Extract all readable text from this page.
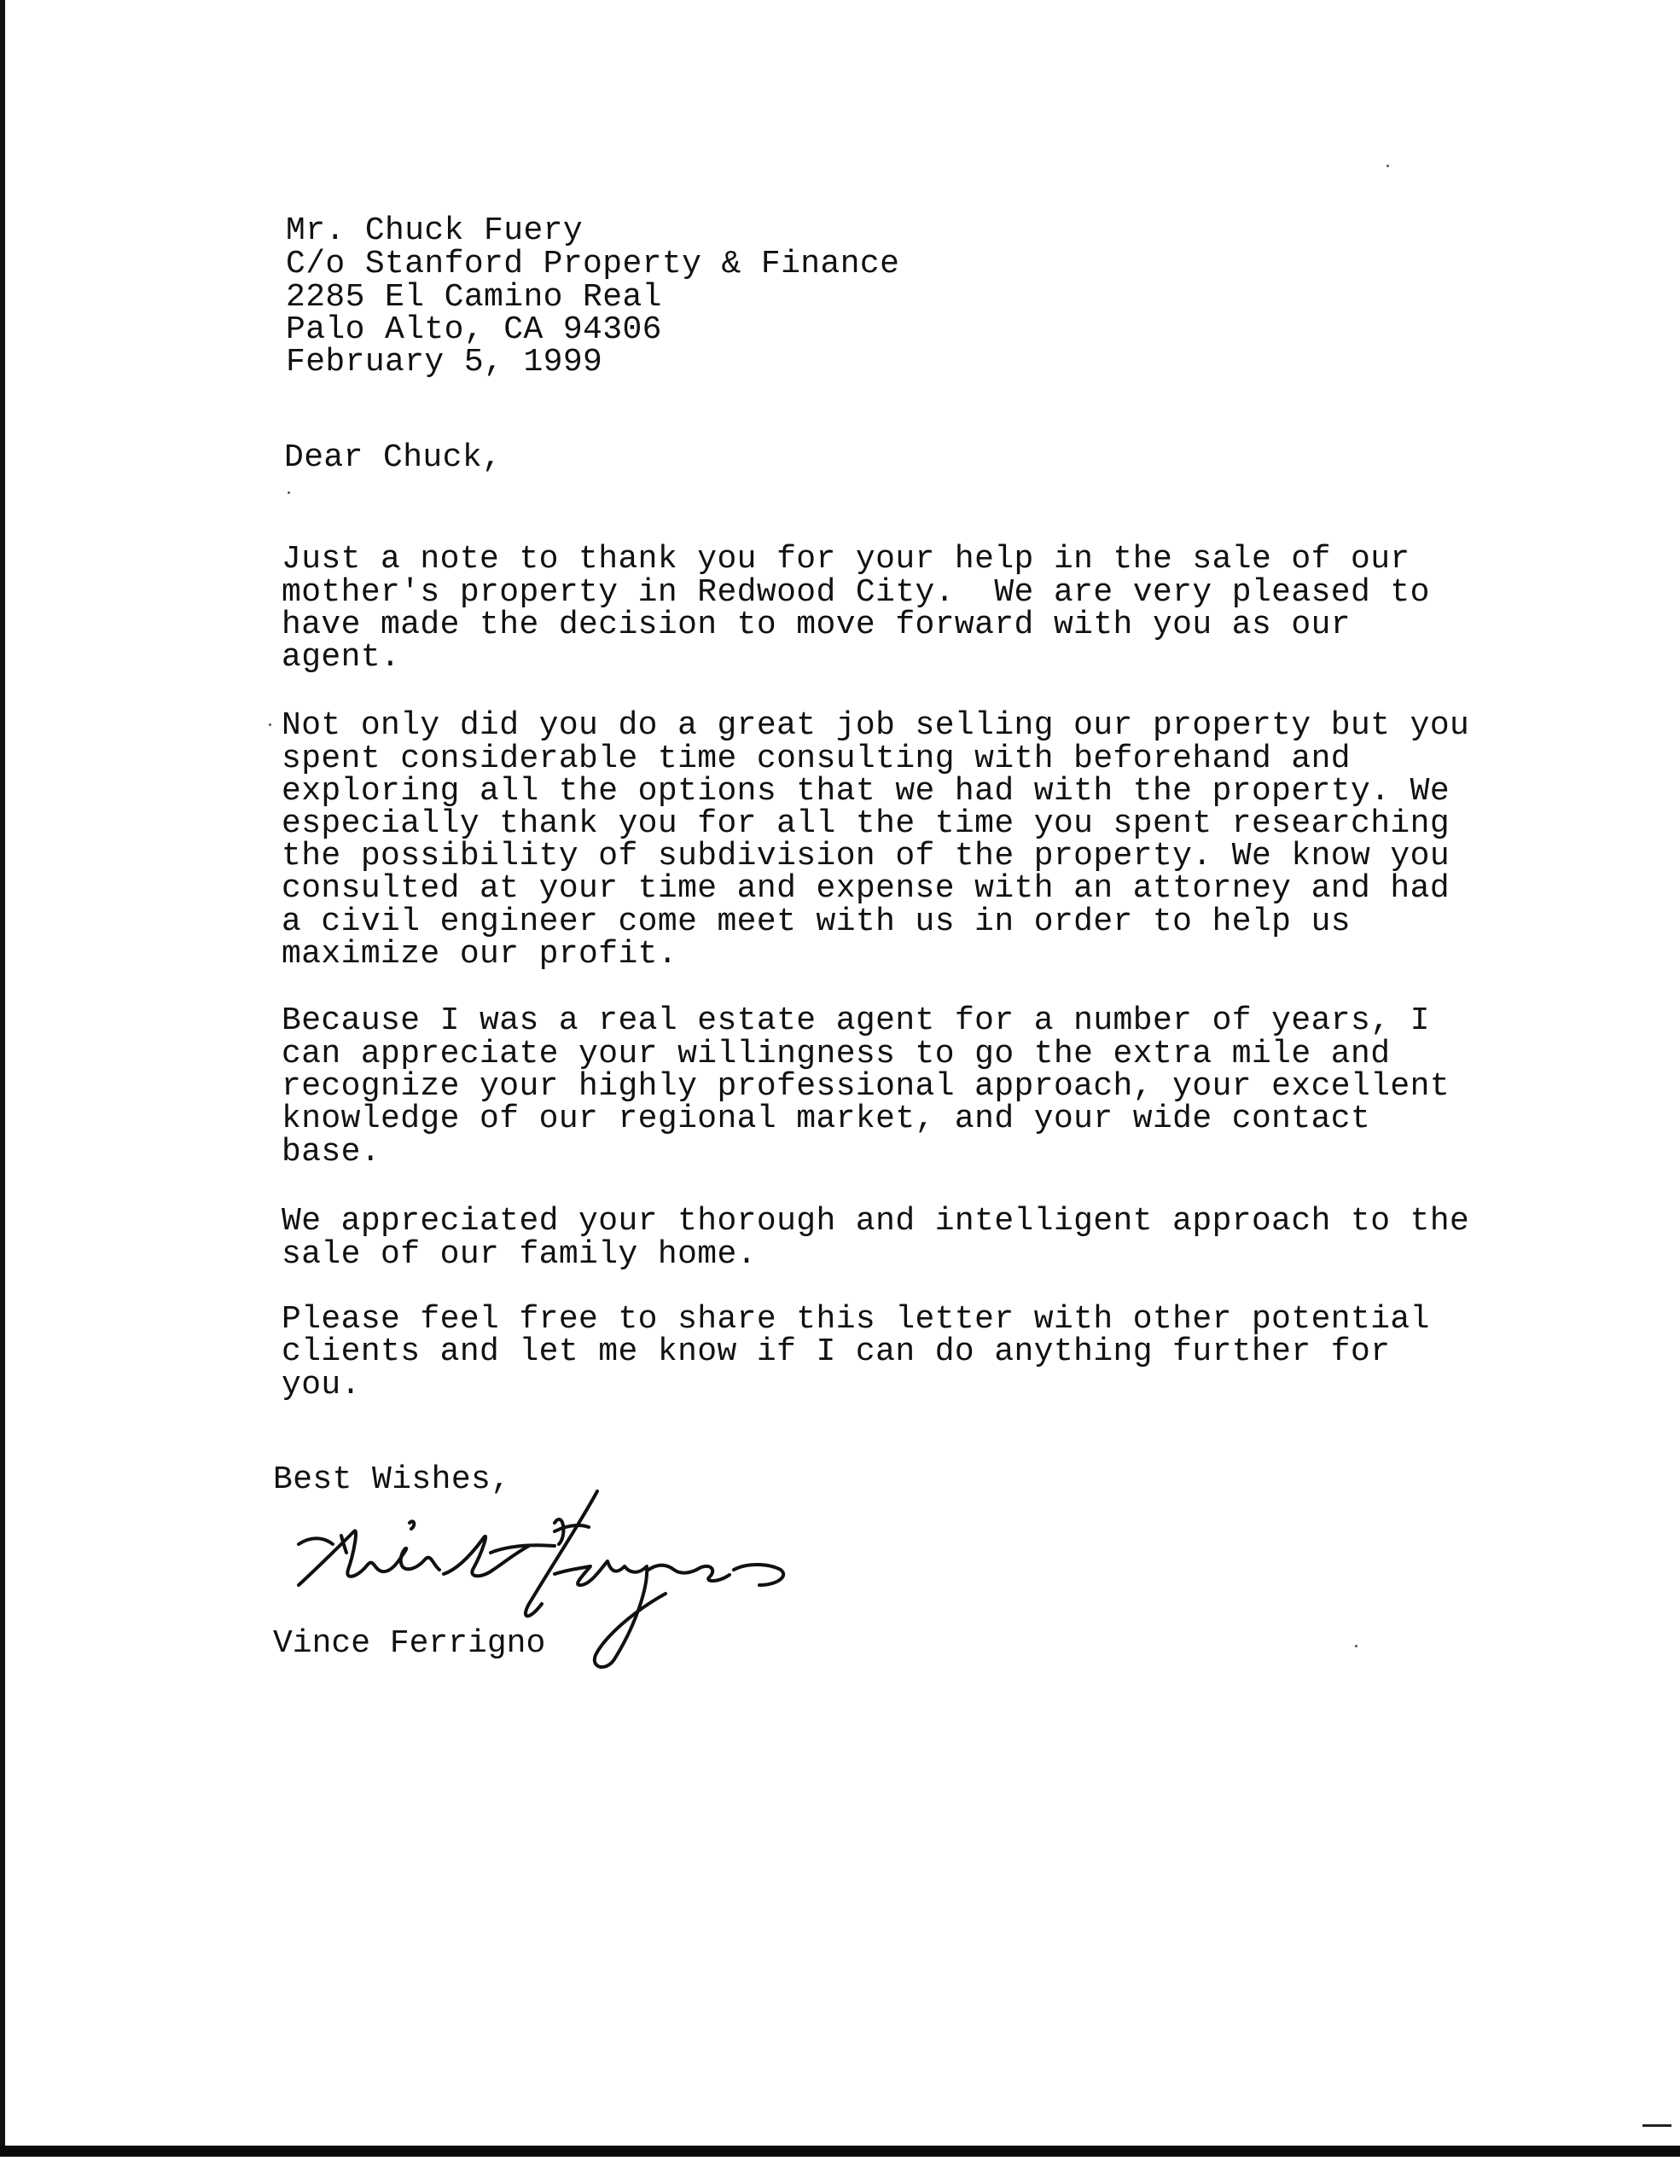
Mr. Chuck Fuery
C/o Stanford Property & Finance
2285 El Camino Real
Palo Alto, CA 94306
February 5, 1999
Dear Chuck,
Just a note to thank you for your help in the sale of our
mother's property in Redwood City.  We are very pleased to
have made the decision to move forward with you as our
agent.
Not only did you do a great job selling our property but you
spent considerable time consulting with beforehand and
exploring all the options that we had with the property. We
especially thank you for all the time you spent researching
the possibility of subdivision of the property. We know you
consulted at your time and expense with an attorney and had
a civil engineer come meet with us in order to help us
maximize our profit.
Because I was a real estate agent for a number of years, I
can appreciate your willingness to go the extra mile and
recognize your highly professional approach, your excellent
knowledge of our regional market, and your wide contact
base.
We appreciated your thorough and intelligent approach to the
sale of our family home.
Please feel free to share this letter with other potential
clients and let me know if I can do anything further for
you.
Best Wishes,
Vince Ferrigno
